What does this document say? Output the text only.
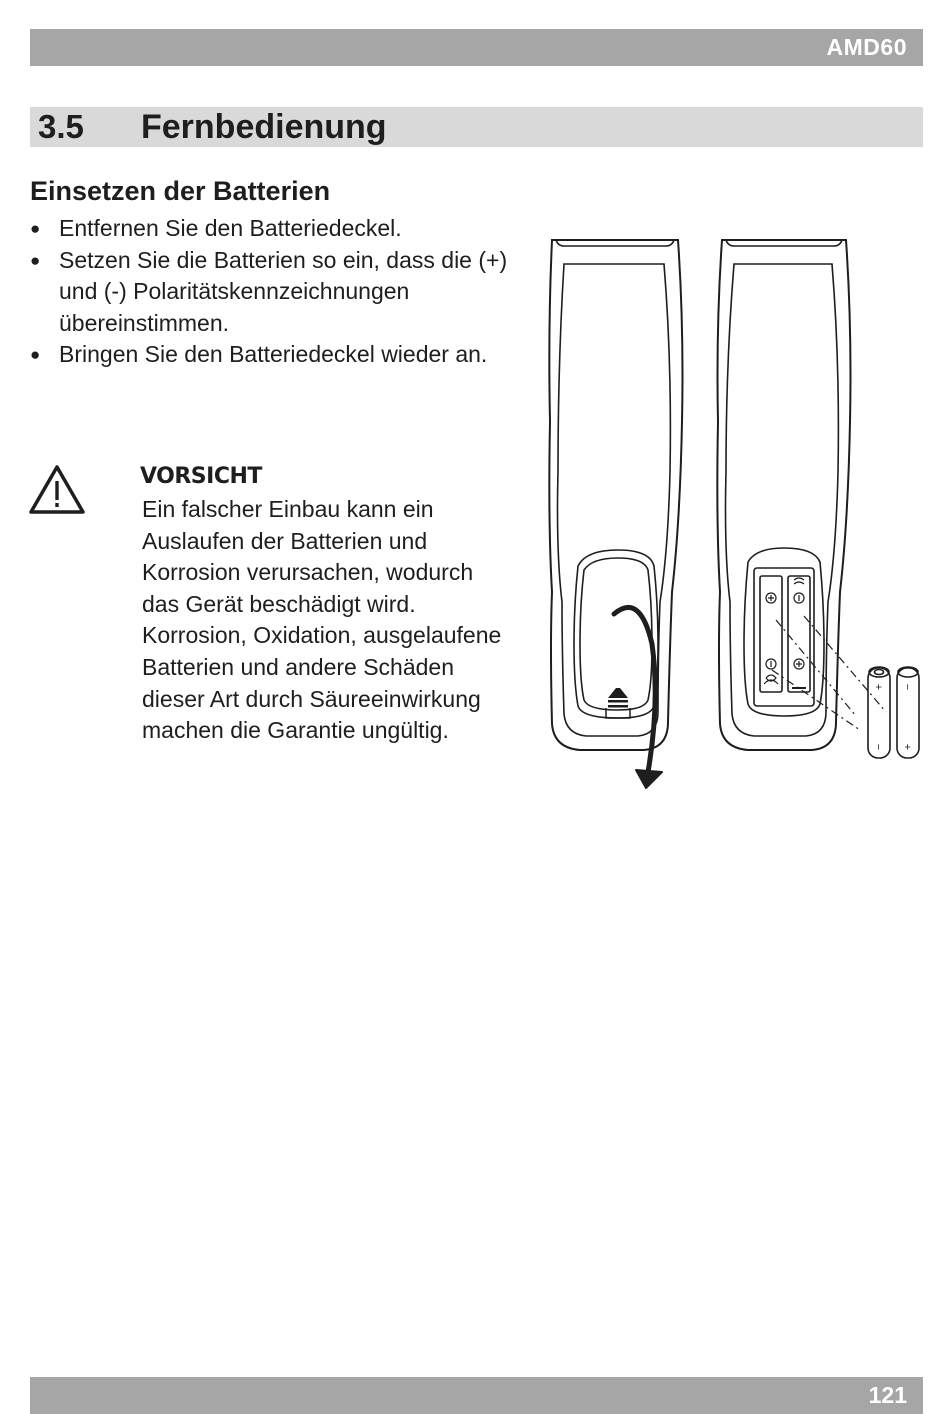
AMD60
3.5 Fernbedienung
Einsetzen der Batterien
● Entfernen Sie den Batteriedeckel.
● Setzen Sie die Batterien so ein, dass die (+) und (-) Polaritätskennzeichnungen übereinstimmen.
● Bringen Sie den Batteriedeckel wieder an.
VORSICHT

Ein falscher Einbau kann ein Auslaufen der Batterien und Korrosion verursachen, wodurch das Gerät beschädigt wird. Korrosion, Oxidation, ausgelaufene Batterien und andere Schäden dieser Art durch Säureeinwirkung machen die Garantie ungültig.

+
−
−
+
121
